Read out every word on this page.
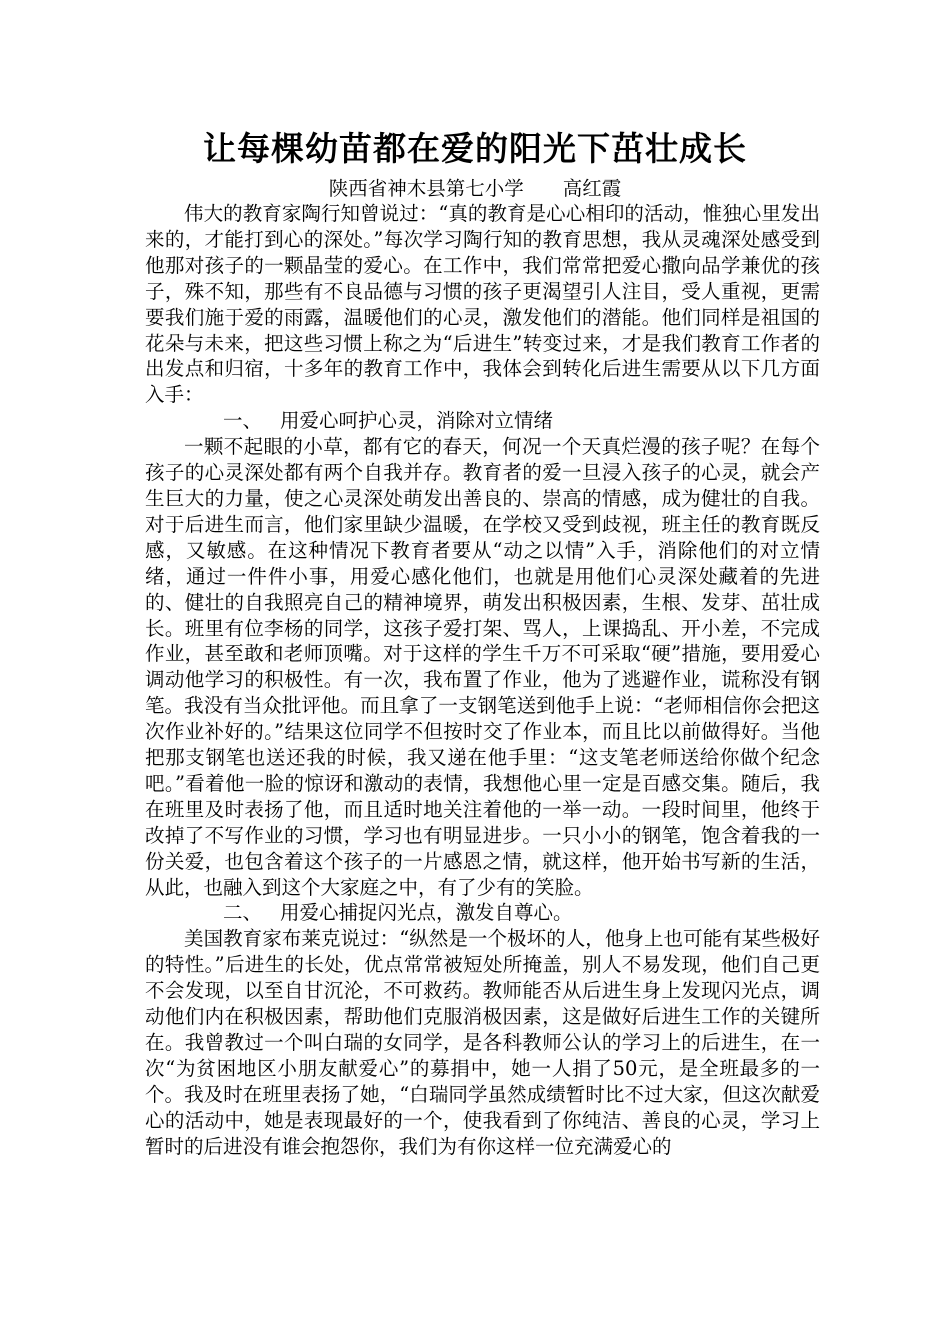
让每棵幼苗都在爱的阳光下茁壮成长
陕西省神木县第七小学　　高红霞

伟大的教育家陶行知曾说过：“真的教育是心心相印的活动，惟独心里发出来的，才能打到心的深处。”每次学习陶行知的教育思想，我从灵魂深处感受到他那对孩子的一颗晶莹的爱心。在工作中，我们常常把爱心撒向品学兼优的孩子，殊不知，那些有不良品德与习惯的孩子更渴望引人注目，受人重视，更需要我们施于爱的雨露，温暖他们的心灵，激发他们的潜能。他们同样是祖国的花朵与未来，把这些习惯上称之为“后进生”转变过来，才是我们教育工作者的出发点和归宿，十多年的教育工作中，我体会到转化后进生需要从以下几方面入手：

一、 用爱心呵护心灵，消除对立情绪

一颗不起眼的小草，都有它的春天，何况一个天真烂漫的孩子呢？在每个孩子的心灵深处都有两个自我并存。教育者的爱一旦浸入孩子的心灵，就会产生巨大的力量，使之心灵深处萌发出善良的、崇高的情感，成为健壮的自我。对于后进生而言，他们家里缺少温暖，在学校又受到歧视，班主任的教育既反感，又敏感。在这种情况下教育者要从“动之以情”入手，消除他们的对立情绪，通过一件件小事，用爱心感化他们，也就是用他们心灵深处藏着的先进的、健壮的自我照亮自己的精神境界，萌发出积极因素，生根、发芽、茁壮成长。班里有位李杨的同学，这孩子爱打架、骂人，上课捣乱、开小差，不完成作业，甚至敢和老师顶嘴。对于这样的学生千万不可采取“硬”措施，要用爱心调动他学习的积极性。有一次，我布置了作业，他为了逃避作业，谎称没有钢笔。我没有当众批评他。而且拿了一支钢笔送到他手上说：“老师相信你会把这次作业补好的。”结果这位同学不但按时交了作业本，而且比以前做得好。当他把那支钢笔也送还我的时候，我又递在他手里：“这支笔老师送给你做个纪念吧。”看着他一脸的惊讶和激动的表情，我想他心里一定是百感交集。随后，我在班里及时表扬了他，而且适时地关注着他的一举一动。一段时间里，他终于改掉了不写作业的习惯，学习也有明显进步。一只小小的钢笔，饱含着我的一份关爱，也包含着这个孩子的一片感恩之情，就这样，他开始书写新的生活，从此，也融入到这个大家庭之中，有了少有的笑脸。

二、 用爱心捕捉闪光点，激发自尊心。

美国教育家布莱克说过：“纵然是一个极坏的人，他身上也可能有某些极好的特性。”后进生的长处，优点常常被短处所掩盖，别人不易发现，他们自己更不会发现，以至自甘沉沦，不可救药。教师能否从后进生身上发现闪光点，调动他们内在积极因素，帮助他们克服消极因素，这是做好后进生工作的关键所在。我曾教过一个叫白瑞的女同学，是各科教师公认的学习上的后进生，在一次“为贫困地区小朋友献爱心”的募捐中，她一人捐了50元，是全班最多的一个。我及时在班里表扬了她，“白瑞同学虽然成绩暂时比不过大家，但这次献爱心的活动中，她是表现最好的一个，使我看到了你纯洁、善良的心灵，学习上暂时的后进没有谁会抱怨你，我们为有你这样一位充满爱心的
